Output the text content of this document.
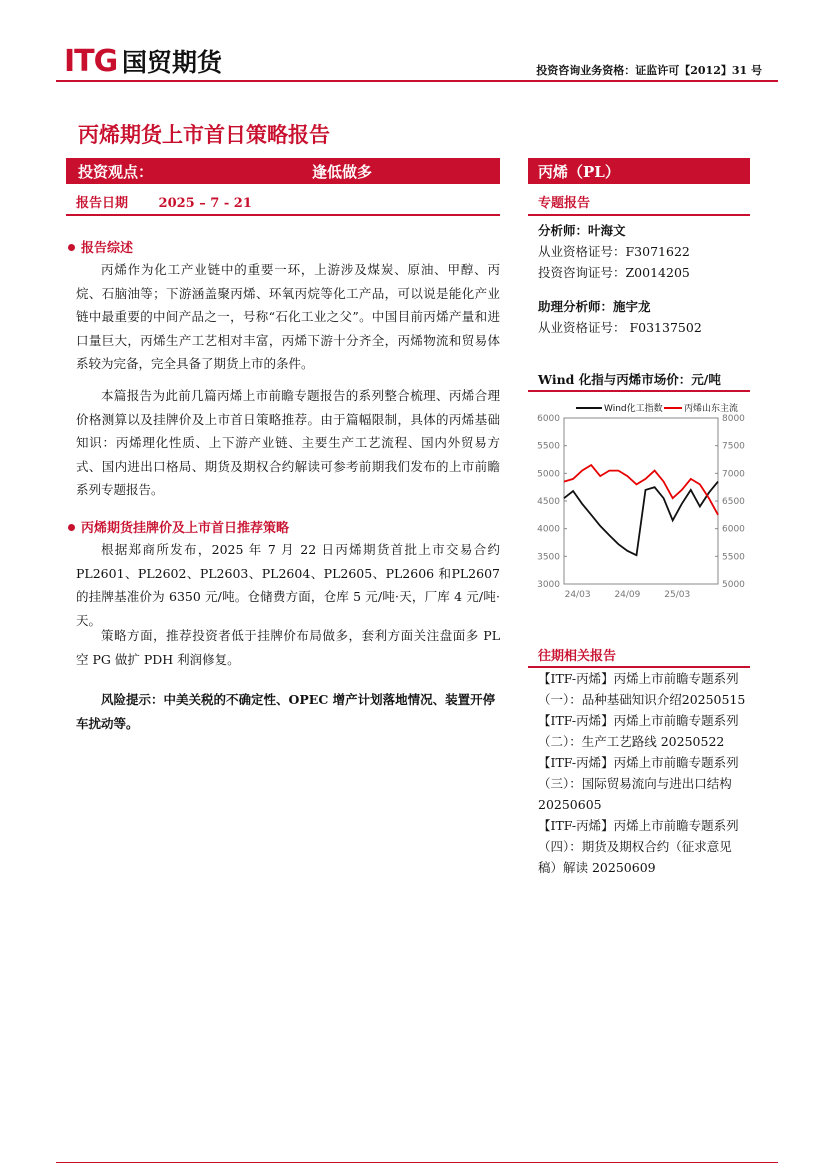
ITG 国贸期货	投资咨询业务资格：证监许可【2012】31 号
丙烯期货上市首日策略报告
投资观点：	逢低做多
报告日期 2025 – 7 - 21
丙烯（PL）
专题报告
分析师：叶海文
从业资格证号：F3071622
投资咨询证号：Z0014205
助理分析师：施宇龙
从业资格证号： F03137502
Wind 化指与丙烯市场价：元/吨
3000
3500
4000
4500
5000
5500
6000
5000
5500
6000
6500
7000
7500
8000
24/03	24/09	25/03
Wind化工指数 丙烯山东主流
往期相关报告
【ITF-丙烯】丙烯上市前瞻专题系列（一）：品种基础知识介绍20250515
【ITF-丙烯】丙烯上市前瞻专题系列（二）：生产工艺路线 20250522
【ITF-丙烯】丙烯上市前瞻专题系列（三）：国际贸易流向与进出口结构 20250605
【ITF-丙烯】丙烯上市前瞻专题系列（四）：期货及期权合约（征求意见稿）解读 20250609
报告综述

丙烯作为化工产业链中的重要一环，上游涉及煤炭、原油、甲醇、丙烷、石脑油等；下游涵盖聚丙烯、环氧丙烷等化工产品，可以说是能化产业链中最重要的中间产品之一，号称“石化工业之父”。中国目前丙烯产量和进口量巨大，丙烯生产工艺相对丰富，丙烯下游十分齐全，丙烯物流和贸易体系较为完备，完全具备了期货上市的条件。

本篇报告为此前几篇丙烯上市前瞻专题报告的系列整合梳理、丙烯合理价格测算以及挂牌价及上市首日策略推荐。由于篇幅限制，具体的丙烯基础知识：丙烯理化性质、上下游产业链、主要生产工艺流程、国内外贸易方式、国内进出口格局、期货及期权合约解读可参考前期我们发布的上市前瞻系列专题报告。

丙烯期货挂牌价及上市首日推荐策略

根据郑商所发布，2025 年 7 月 22 日丙烯期货首批上市交易合约 PL2601、PL2602、PL2603、PL2604、PL2605、PL2606 和PL2607 的挂牌基准价为 6350 元/吨。仓储费方面，仓库 5 元/吨·天，厂库 4 元/吨·天。

策略方面，推荐投资者低于挂牌价布局做多，套利方面关注盘面多 PL 空 PG 做扩 PDH 利润修复。

风险提示：中美关税的不确定性、OPEC 增产计划落地情况、装置开停车扰动等。
